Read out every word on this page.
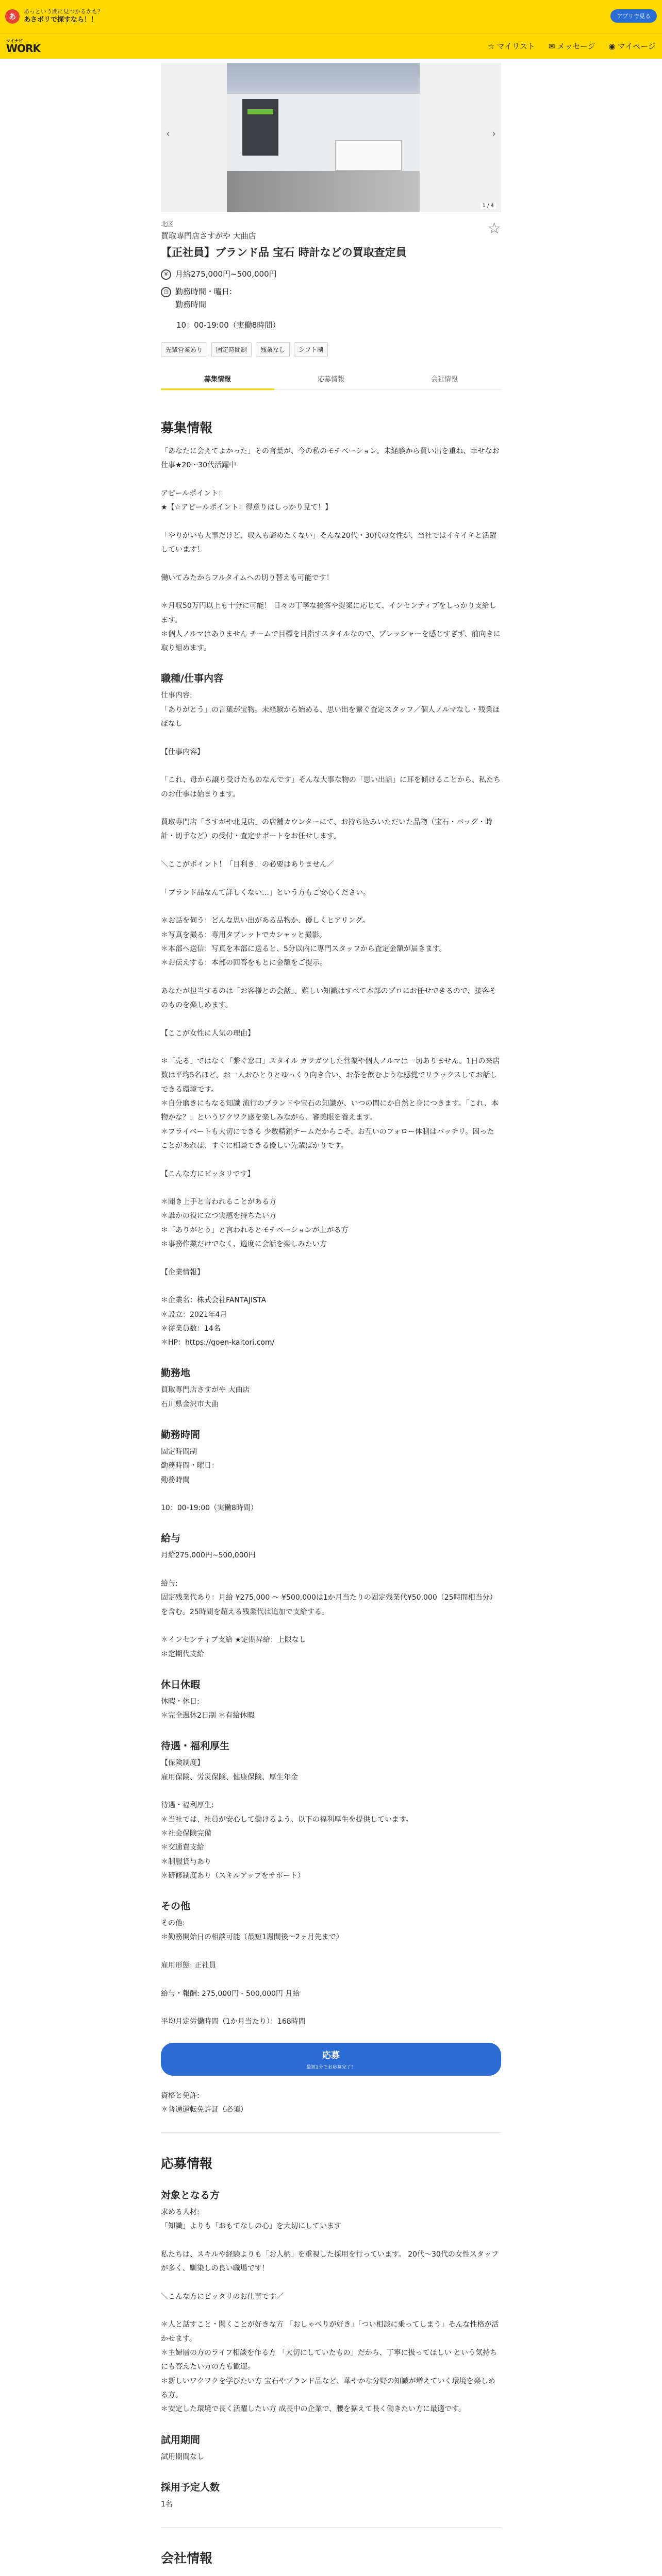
あ
あっという間に見つかるかも？
あさボリで探すなら！！	アプリで見る
マイナビ
WORK	☆ マイリスト ✉ メッセージ ◉ マイページ
‹	›
1 / 4
☆
北区
買取専門店さすがや 大曲店
【正社員】ブランド品 宝石 時計などの買取査定員
¥ 月給275,000円~500,000円
◷ 勤務時間・曜日:
勤務時間
10：00-19:00（実働8時間）
先輩営業あり	固定時間制	残業なし	シフト制
募集情報	応募情報	会社情報
募集情報
「あなたに会えてよかった」その言葉が、今の私のモチベーション。未経験から買い出を重ね、幸せなお仕事★20～30代活躍中

アピールポイント：
★【☆アピールポイント：得意りはしっかり見て！】

「やりがいも大事だけど、収入も諦めたくない」そんな20代・30代の女性が、当社ではイキイキと活躍しています！

働いてみたからフルタイムへの切り替えも可能です！

＊月収50万円以上も十分に可能！ 日々の丁寧な接客や提案に応じて、インセンティブをしっかり支給します。
＊個人ノルマはありません チームで目標を目指すスタイルなので、プレッシャーを感じすぎず、前向きに取り組めます。
職種/仕事内容
仕事内容:
「ありがとう」の言葉が宝物。未経験から始める、思い出を繋ぐ査定スタッフ／個人ノルマなし・残業ほぼなし

【仕事内容】

「これ、母から譲り受けたものなんです」そんな大事な物の「思い出話」に耳を傾けることから、私たちのお仕事は始まります。

買取専門店「さすがや北見店」の店舗カウンターにて、お持ち込みいただいた品物（宝石・バッグ・時計・切手など）の受付・査定サポートをお任せします。

＼ここがポイント！「目利き」の必要はありません／

「ブランド品なんて詳しくない…」という方もご安心ください。

＊お話を伺う：どんな思い出がある品物か、優しくヒアリング。
＊写真を撮る：専用タブレットでカシャッと撮影。
＊本部へ送信：写真を本部に送ると、5分以内に専門スタッフから査定金額が届きます。
＊お伝えする：本部の回答をもとに金額をご提示。

あなたが担当するのは「お客様との会話」。難しい知識はすべて本部のプロにお任せできるので、接客そのものを楽しめます。

【ここが女性に人気の理由】

＊「売る」ではなく「繋ぐ窓口」スタイル ガツガツした営業や個人ノルマは一切ありません。1日の来店数は平均5名ほど。お一人おひとりとゆっくり向き合い、お茶を飲むような感覚でリラックスしてお話しできる環境です。
＊自分磨きにもなる知識 流行のブランドや宝石の知識が、いつの間にか自然と身につきます。「これ、本物かな？」というワクワク感を楽しみながら、審美眼を養えます。
＊プライベートも大切にできる 少数精鋭チームだからこそ、お互いのフォロー体制はバッチリ。困ったことがあれば、すぐに相談できる優しい先輩ばかりです。

【こんな方にピッタリです】

＊聞き上手と言われることがある方
＊誰かの役に立つ実感を持ちたい方
＊「ありがとう」と言われるとモチベーションが上がる方
＊事務作業だけでなく、適度に会話を楽しみたい方

【企業情報】

＊企業名：株式会社FANTAJISTA
＊設立：2021年4月
＊従業員数：14名
＊HP：https://goen-kaitori.com/
勤務地
買取専門店さすがや 大曲店
石川県金沢市大曲
勤務時間
固定時間制
勤務時間・曜日：
勤務時間

10：00-19:00（実働8時間）
給与
月給275,000円~500,000円

給与:
固定残業代あり：月給 ¥275,000 ～ ¥500,000は1か月当たりの固定残業代¥50,000（25時間相当分）を含む。25時間を超える残業代は追加で支給する。

＊インセンティブ支給 ★定期昇給：上限なし
＊定期代支給
休日休暇
休暇・休日:
＊完全週休2日制 ＊有給休暇
待遇・福利厚生
【保険制度】
雇用保険、労災保険、健康保険、厚生年金

待遇・福利厚生:
＊当社では、社員が安心して働けるよう、以下の福利厚生を提供しています。
＊社会保険完備
＊交通費支給
＊制服貸与あり
＊研修制度あり（スキルアップをサポート）
その他
その他:
＊勤務開始日の相談可能（最短1週間後〜2ヶ月先まで）

雇用形態: 正社員

給与・報酬: 275,000円 - 500,000円 月給

平均月定労働時間（1か月当たり）：168時間
応募
最短1分でお応募完了！
資格と免許:
＊普通運転免許証（必須）
応募情報
対象となる方
求める人材:
「知識」よりも「おもてなしの心」を大切にしています

私たちは、スキルや経験よりも「お人柄」を重視した採用を行っています。 20代～30代の女性スタッフが多く、馴染しの良い職場です！

＼こんな方にピッタリのお仕事です／

＊人と話すこと・聞くことが好きな方 「おしゃべりが好き」「つい相談に乗ってしまう」そんな性格が活かせます。
＊主婦層の方のライフ相談を作る方 「大切にしていたもの」だから、丁寧に扱ってほしい という気持ちにも答えたい方の方も歓迎。
＊新しいワクワクを学びたい方 宝石やブランド品など、華やかな分野の知識が増えていく環境を楽しめる方。
＊安定した環境で長く活躍したい方 成長中の企業で、腰を据えて長く働きたい方に最適です。
試用期間
試用期間なし
採用予定人数
1名
会社情報
